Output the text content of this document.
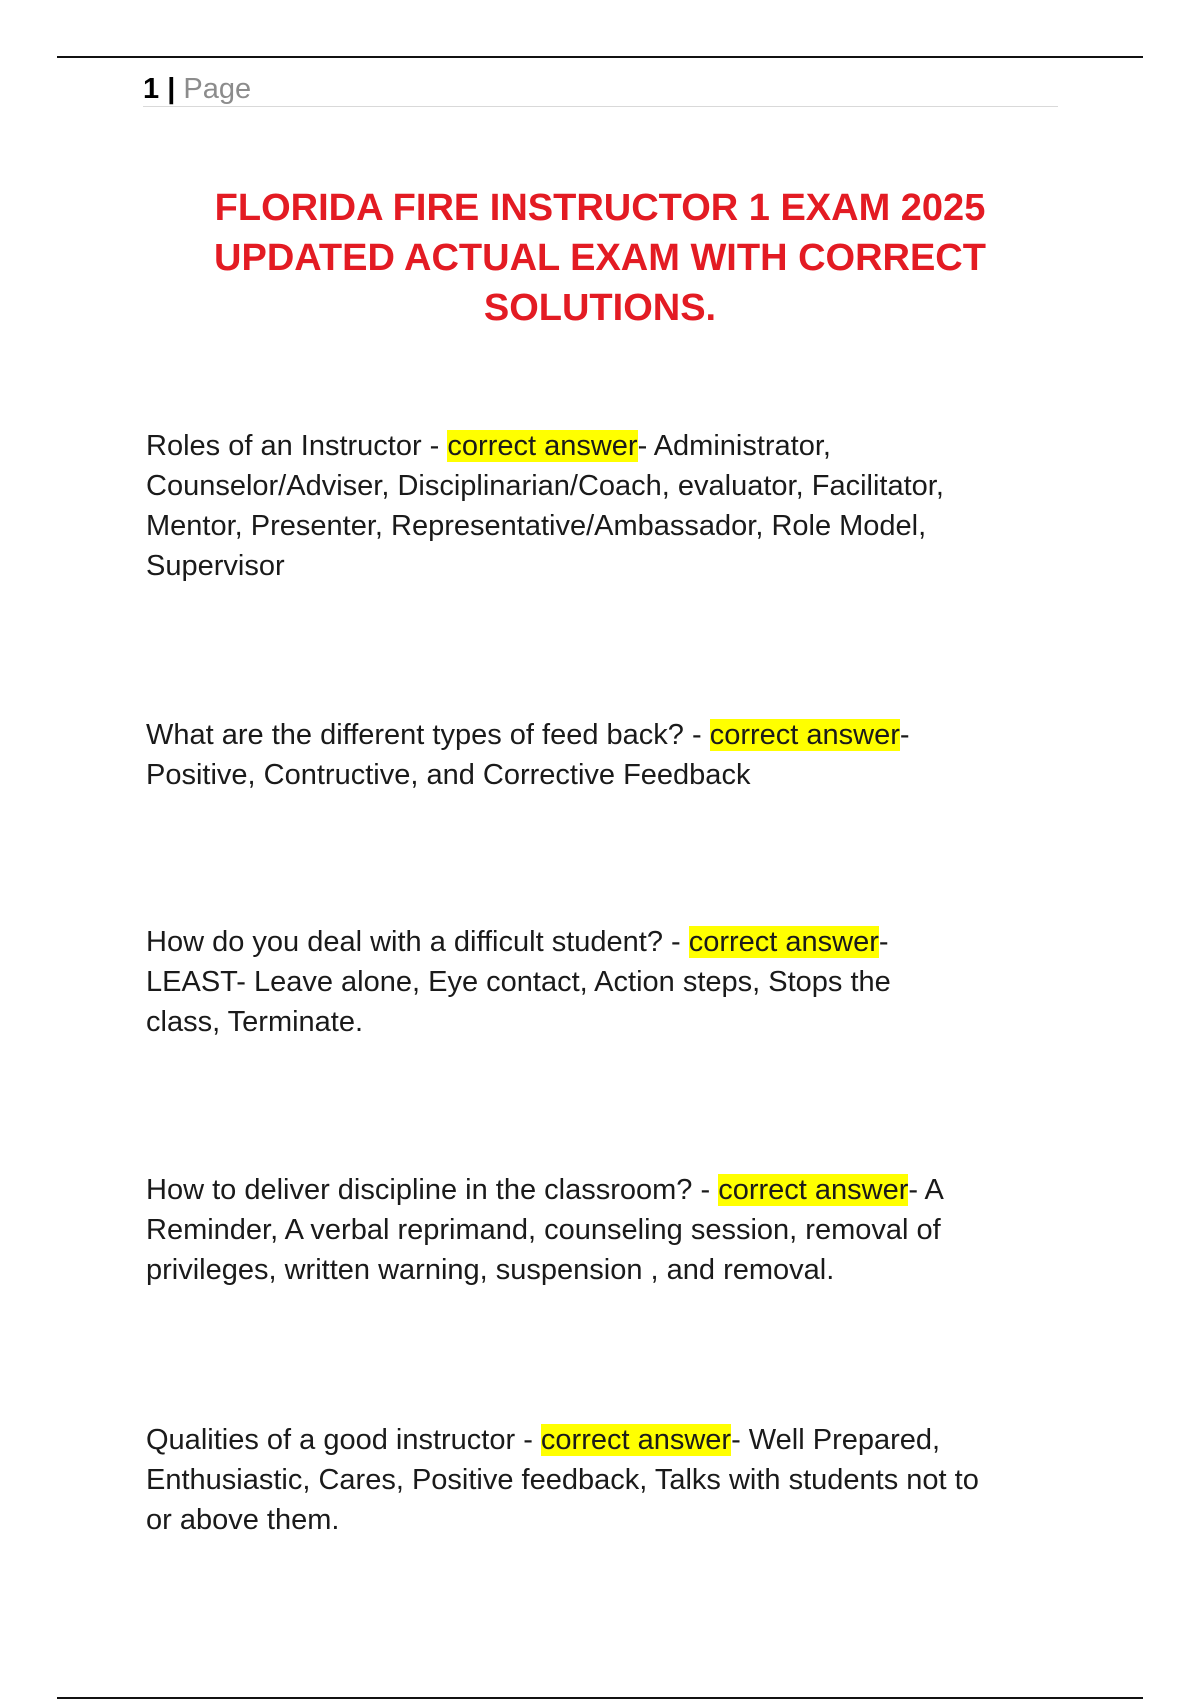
1 | Page
FLORIDA FIRE INSTRUCTOR 1 EXAM 2025
UPDATED ACTUAL EXAM WITH CORRECT
SOLUTIONS.

Roles of an Instructor - correct answer- Administrator,
Counselor/Adviser, Disciplinarian/Coach, evaluator, Facilitator,
Mentor, Presenter, Representative/Ambassador, Role Model,
Supervisor

What are the different types of feed back? - correct answer-
Positive, Contructive, and Corrective Feedback

How do you deal with a difficult student? - correct answer-
LEAST- Leave alone, Eye contact, Action steps, Stops the
class, Terminate.

How to deliver discipline in the classroom? - correct answer- A
Reminder, A verbal reprimand, counseling session, removal of
privileges, written warning, suspension , and removal.

Qualities of a good instructor - correct answer- Well Prepared,
Enthusiastic, Cares, Positive feedback, Talks with students not to
or above them.
